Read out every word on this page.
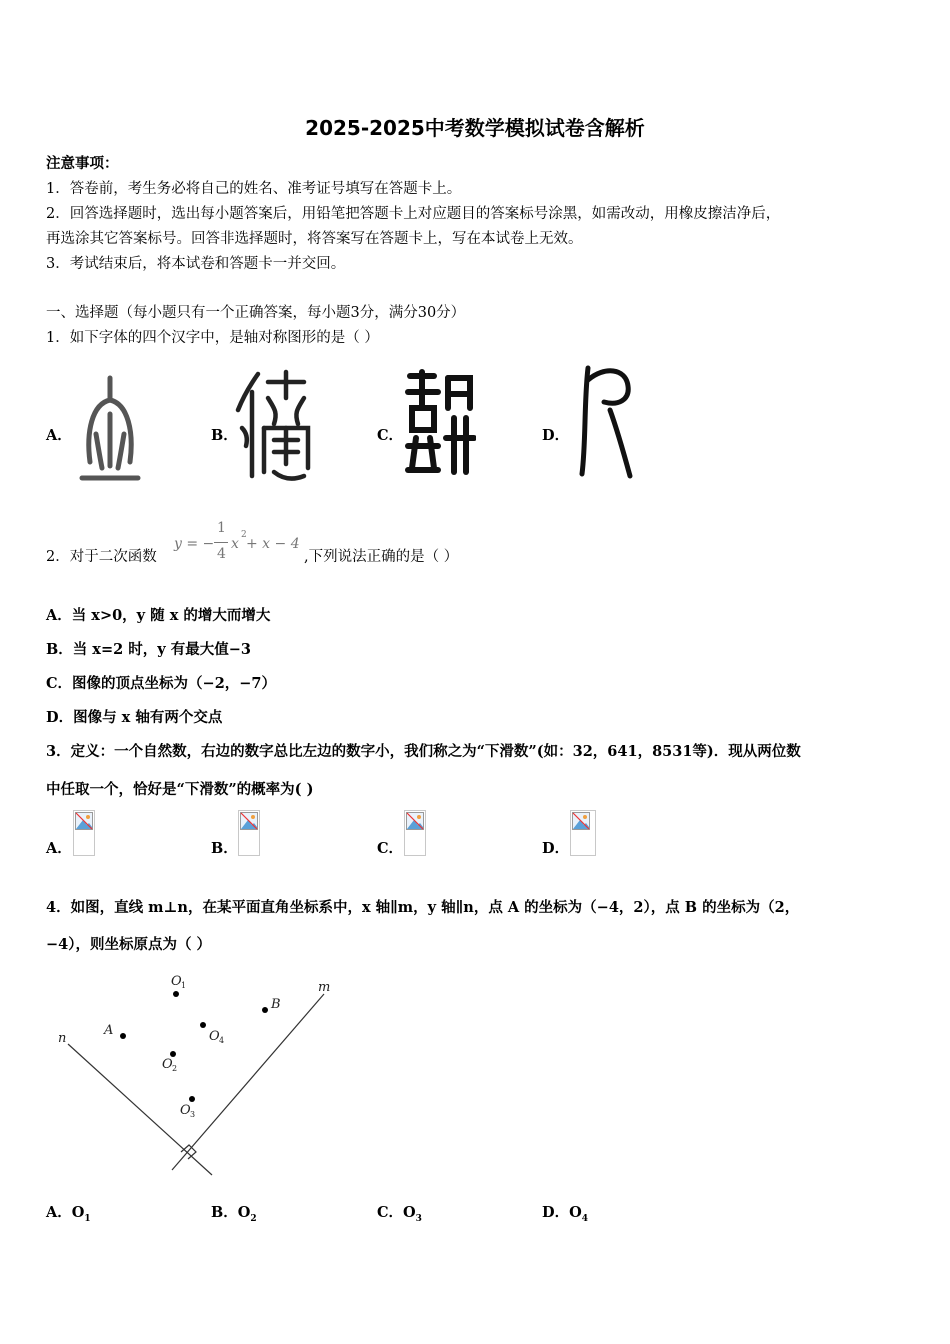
2025-2025中考数学模拟试卷含解析
注意事项：
1．答卷前，考生务必将自己的姓名、准考证号填写在答题卡上。
2．回答选择题时，选出每小题答案后，用铅笔把答题卡上对应题目的答案标号涂黑，如需改动，用橡皮擦洁净后，
再选涂其它答案标号。回答非选择题时，将答案写在答题卡上，写在本试卷上无效。
3．考试结束后，将本试卷和答题卡一并交回。
一、选择题（每小题只有一个正确答案，每小题3分，满分30分）
1．如下字体的四个汉字中，是轴对称图形的是（ ）
A．	B．	C．	D．
2．对于二次函数
y = −
1
4
x
2
+ x − 4
,下列说法正确的是（ ）
A．当 x>0，y 随 x 的增大而增大
B．当 x=2 时，y 有最大值−3
C．图像的顶点坐标为（−2，−7）
D．图像与 x 轴有两个交点
3．定义：一个自然数，右边的数字总比左边的数字小，我们称之为“下滑数”(如：32，641，8531等)．现从两位数
中任取一个，恰好是“下滑数”的概率为( )
A．	B．	C．	D．
4．如图，直线 m⊥n，在某平面直角坐标系中，x 轴∥m，y 轴∥n，点 A 的坐标为（−4，2），点 B 的坐标为（2，
−4），则坐标原点为（ ）
m
n
A
B
O 1
O 4
O 2
O 3
A．$O_1$	B．$O_2$	C．$O_3$	D．$O_4$
